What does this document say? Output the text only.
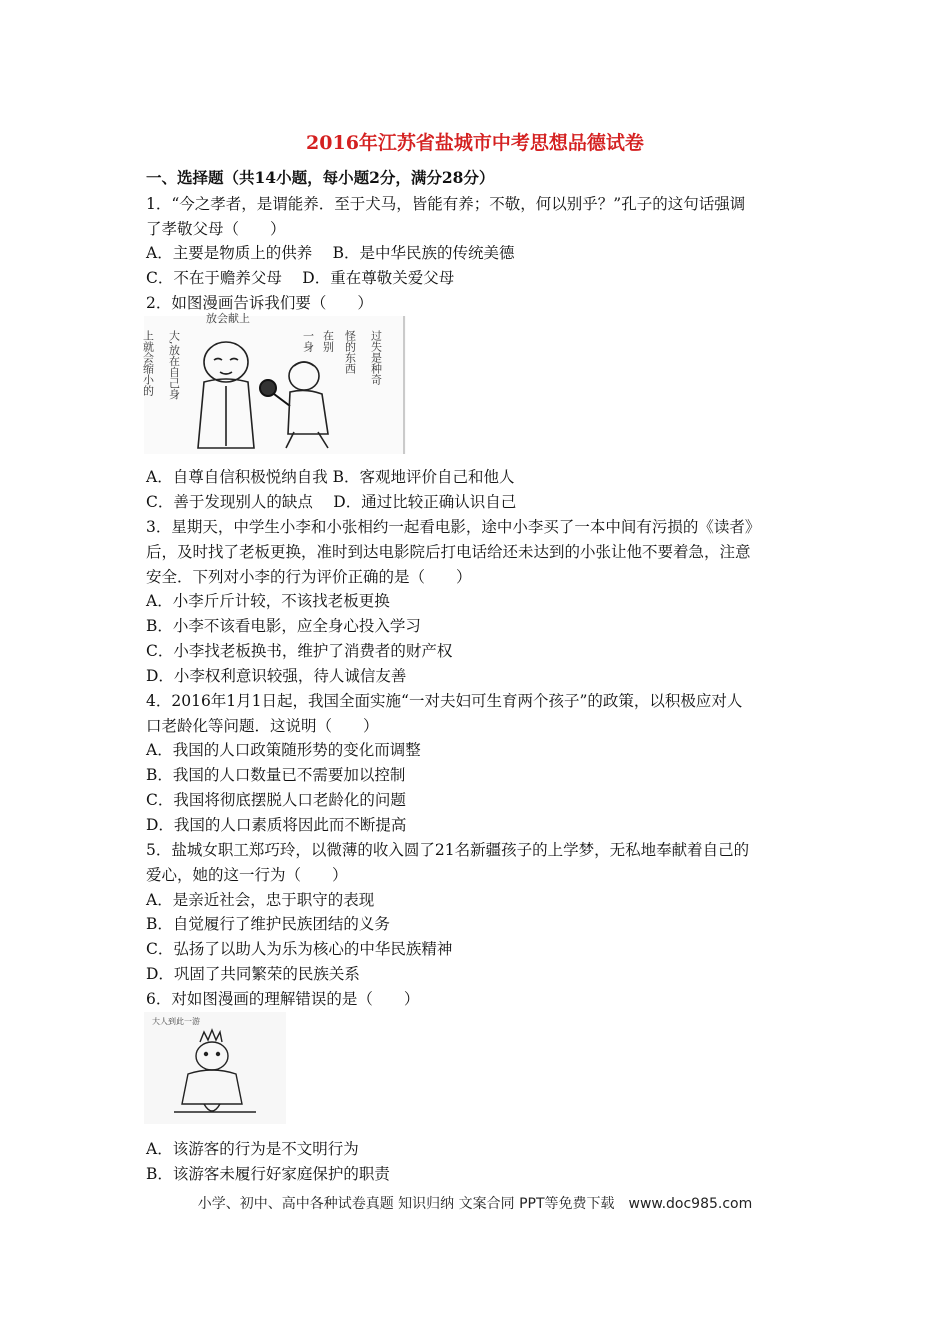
2016年江苏省盐城市中考思想品德试卷
一、选择题（共14小题，每小题2分，满分28分）
1．“今之孝者，是谓能养．至于犬马，皆能有养；不敬，何以别乎？”孔子的这句话强调
了孝敬父母（　　）
A．主要是物质上的供养　 B．是中华民族的传统美德
C．不在于赡养父母　 D．重在尊敬关爱父母
2．如图漫画告诉我们要（　　）
上就会缩小的 大,放在自己身
放会献上
一身 在别 怪的东西 过失是种奇
A．自尊自信积极悦纳自我 B．客观地评价自己和他人
C．善于发现别人的缺点　 D．通过比较正确认识自己
3．星期天，中学生小李和小张相约一起看电影，途中小李买了一本中间有污损的《读者》
后，及时找了老板更换，准时到达电影院后打电话给还未达到的小张让他不要着急，注意
安全．下列对小李的行为评价正确的是（　　）
A．小李斤斤计较，不该找老板更换
B．小李不该看电影，应全身心投入学习
C．小李找老板换书，维护了消费者的财产权
D．小李权利意识较强，待人诚信友善
4．2016年1月1日起，我国全面实施“一对夫妇可生育两个孩子”的政策，以积极应对人
口老龄化等问题．这说明（　　）
A．我国的人口政策随形势的变化而调整
B．我国的人口数量已不需要加以控制
C．我国将彻底摆脱人口老龄化的问题
D．我国的人口素质将因此而不断提高
5．盐城女职工郑巧玲，以微薄的收入圆了21名新疆孩子的上学梦，无私地奉献着自己的
爱心，她的这一行为（　　）
A．是亲近社会，忠于职守的表现
B．自觉履行了维护民族团结的义务
C．弘扬了以助人为乐为核心的中华民族精神
D．巩固了共同繁荣的民族关系
6．对如图漫画的理解错误的是（　　）
大人到此一游
A．该游客的行为是不文明行为
B．该游客未履行好家庭保护的职责
小学、初中、高中各种试卷真题 知识归纳 文案合同 PPT等免费下载　www.doc985.com
